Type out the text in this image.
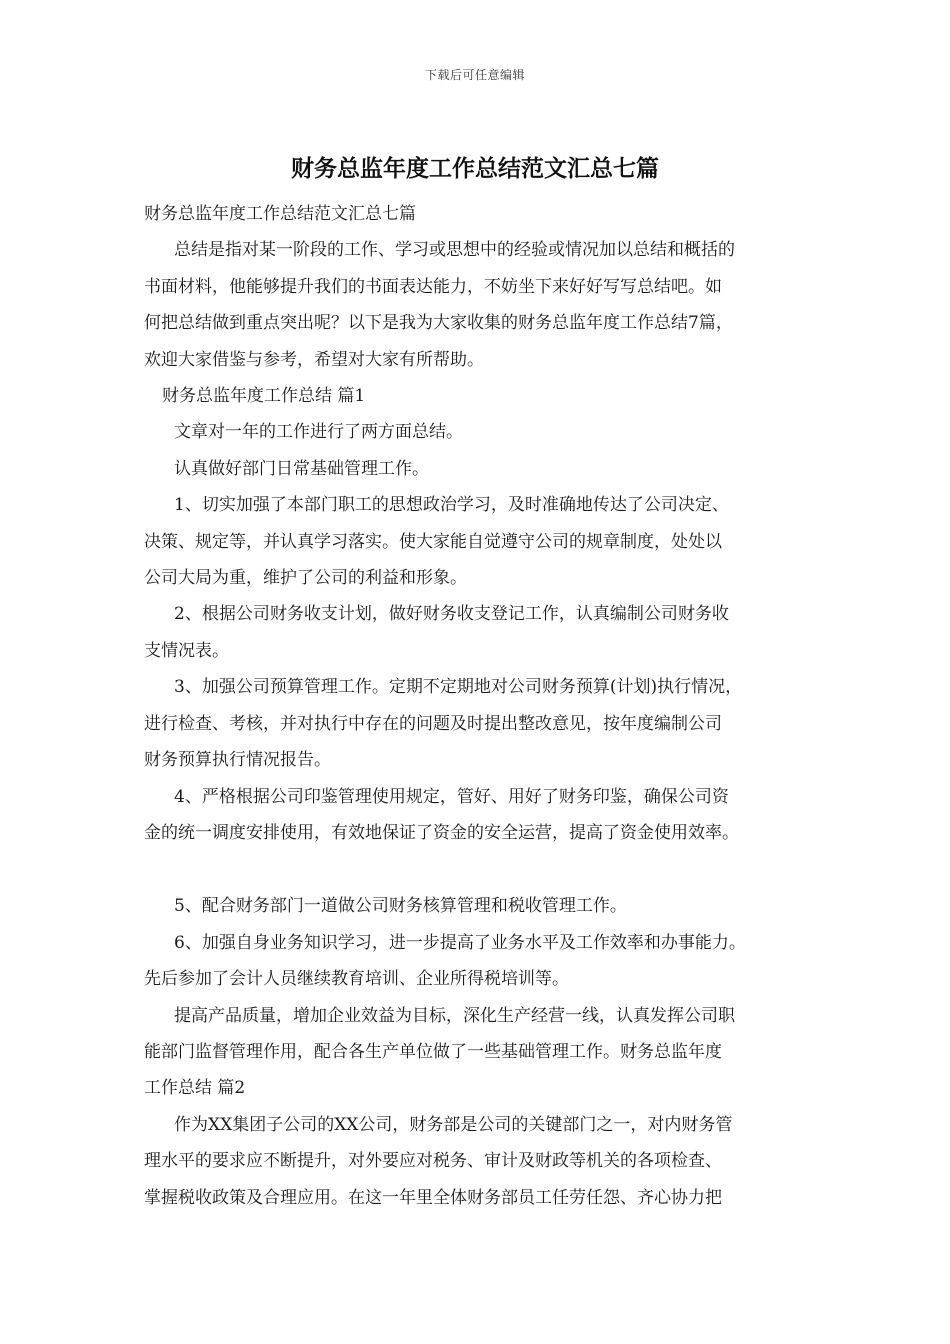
下载后可任意编辑
财务总监年度工作总结范文汇总七篇

财务总监年度工作总结范文汇总七篇

总结是指对某一阶段的工作、学习或思想中的经验或情况加以总结和概括的

书面材料，他能够提升我们的书面表达能力，不妨坐下来好好写写总结吧。如

何把总结做到重点突出呢？以下是我为大家收集的财务总监年度工作总结7篇，

欢迎大家借鉴与参考，希望对大家有所帮助。

财务总监年度工作总结 篇1

文章对一年的工作进行了两方面总结。

认真做好部门日常基础管理工作。

1、切实加强了本部门职工的思想政治学习，及时准确地传达了公司决定、

决策、规定等，并认真学习落实。使大家能自觉遵守公司的规章制度，处处以

公司大局为重，维护了公司的利益和形象。

2、根据公司财务收支计划，做好财务收支登记工作，认真编制公司财务收

支情况表。

3、加强公司预算管理工作。定期不定期地对公司财务预算(计划)执行情况，

进行检查、考核，并对执行中存在的问题及时提出整改意见，按年度编制公司

财务预算执行情况报告。

4、严格根据公司印鉴管理使用规定，管好、用好了财务印鉴，确保公司资

金的统一调度安排使用，有效地保证了资金的安全运营，提高了资金使用效率。

5、配合财务部门一道做公司财务核算管理和税收管理工作。

6、加强自身业务知识学习，进一步提高了业务水平及工作效率和办事能力。

先后参加了会计人员继续教育培训、企业所得税培训等。

提高产品质量，增加企业效益为目标，深化生产经营一线，认真发挥公司职

能部门监督管理作用，配合各生产单位做了一些基础管理工作。财务总监年度

工作总结 篇2

作为XX集团子公司的XX公司，财务部是公司的关键部门之一，对内财务管

理水平的要求应不断提升，对外要应对税务、审计及财政等机关的各项检查、

掌握税收政策及合理应用。在这一年里全体财务部员工任劳任怨、齐心协力把
